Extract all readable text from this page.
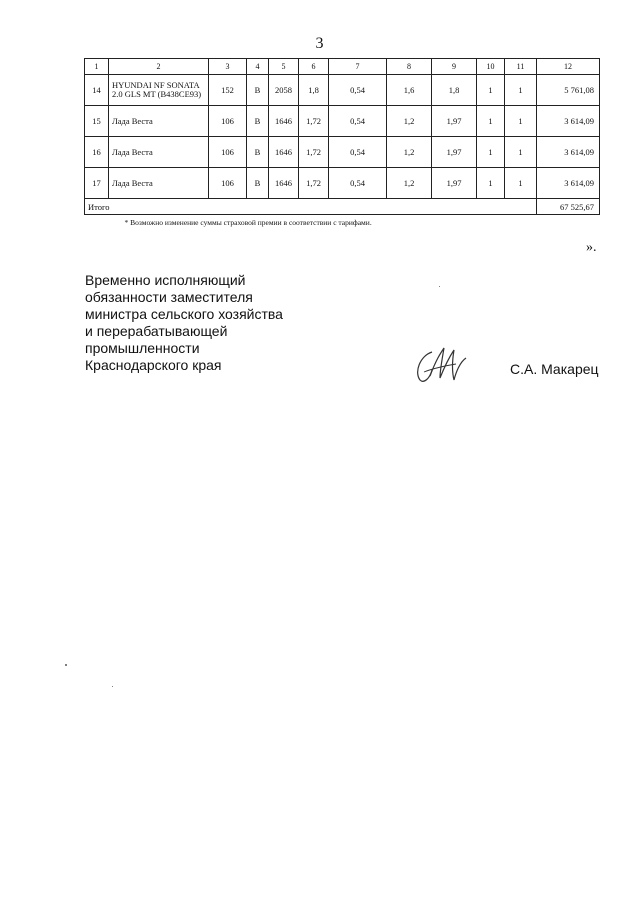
3
1	2	3	4	5	6	7	8	9	10	11	12
14	HYUNDAI NF SONATA 2.0 GLS MT (В438СЕ93)	152	В	2058	1,8	0,54	1,6	1,8	1	1	5 761,08
15	Лада Веста	106	В	1646	1,72	0,54	1,2	1,97	1	1	3 614,09
16	Лада Веста	106	В	1646	1,72	0,54	1,2	1,97	1	1	3 614,09
17	Лада Веста	106	В	1646	1,72	0,54	1,2	1,97	1	1	3 614,09
Итого											67 525,67
* Возможно изменение суммы страховой премии в соответствии с тарифами.											
».
Временно исполняющий
обязанности заместителя
министра сельского хозяйства
и перерабатывающей
промышленности
Краснодарского края	С.А. Макарец
